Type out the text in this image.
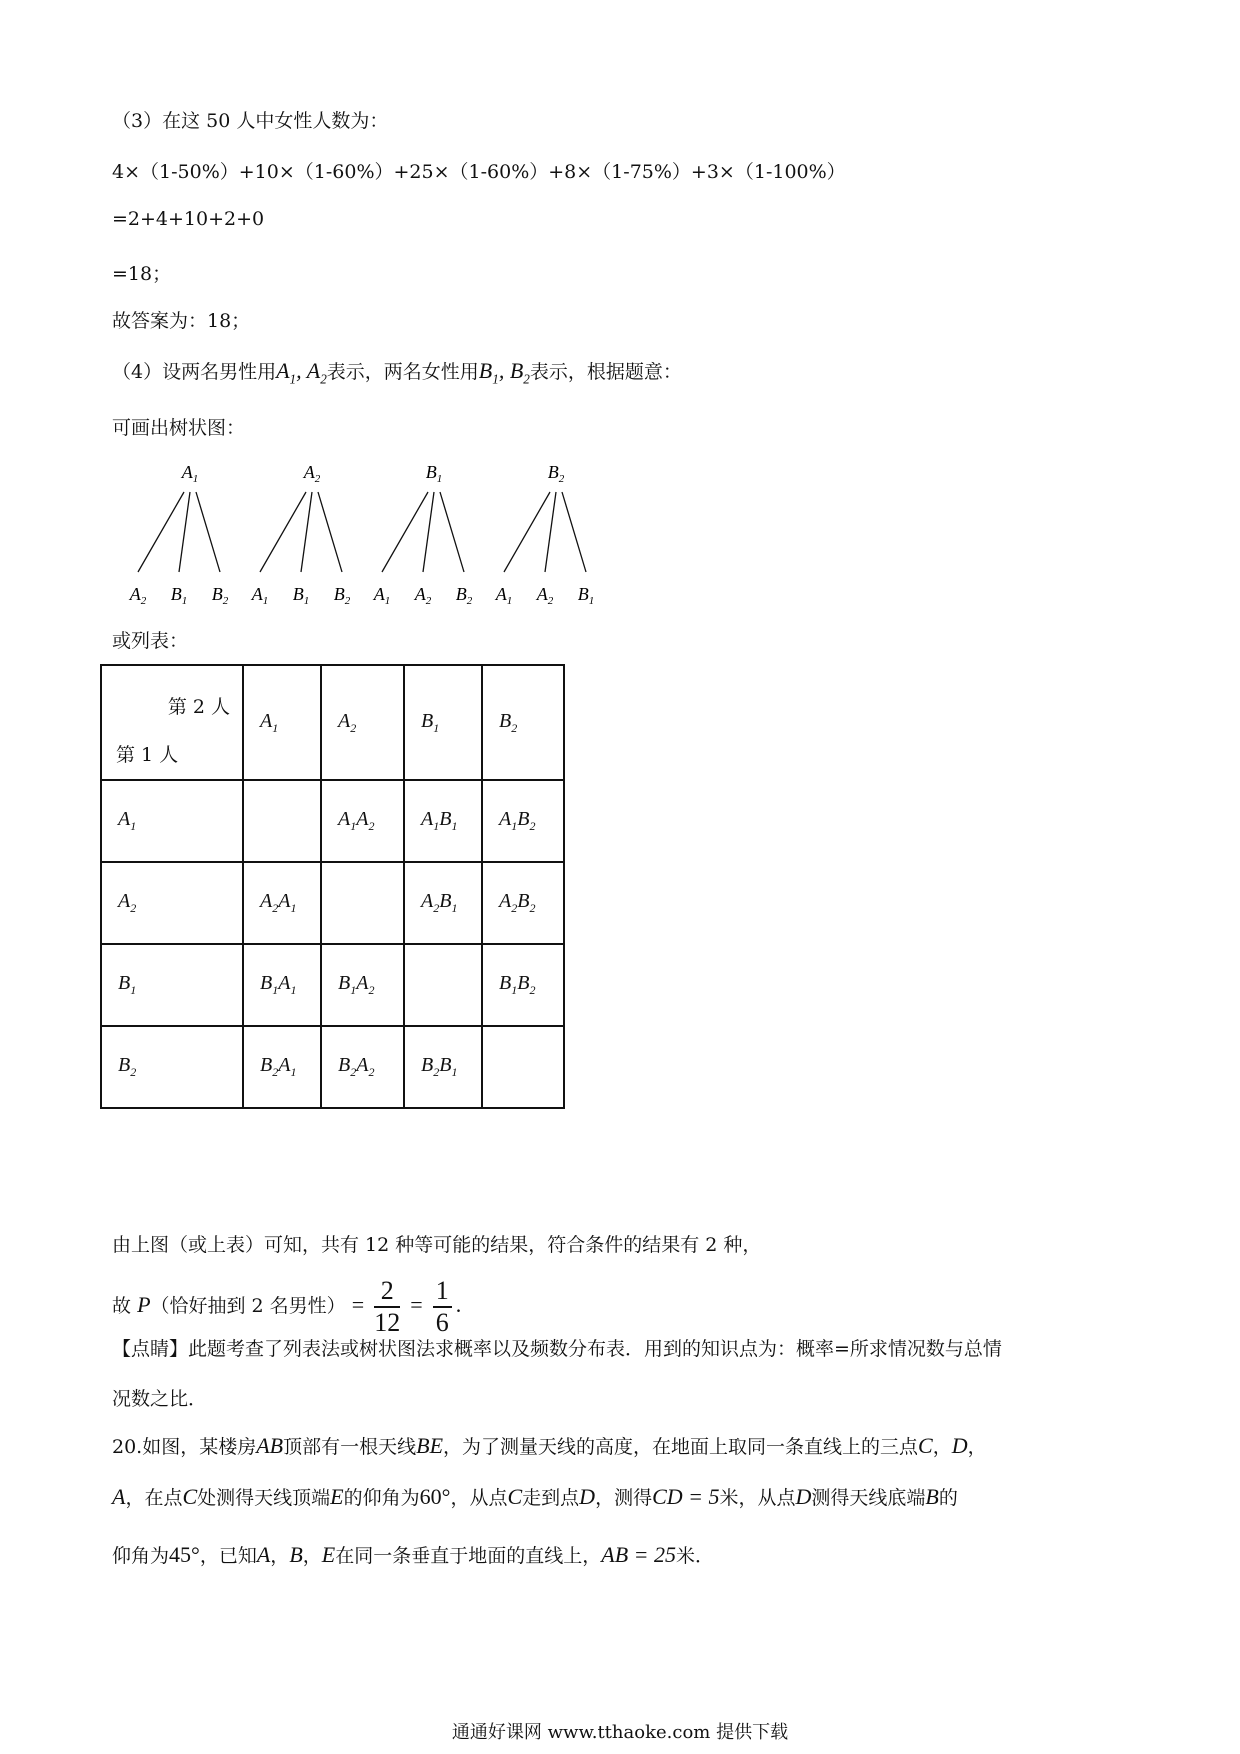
（3）在这 50 人中女性人数为：
4×（1-50%）+10×（1-60%）+25×（1-60%）+8×（1-75%）+3×（1-100%）
=2+4+10+2+0
=18；
故答案为：18；
（4）设两名男性用$A_1$, $A_2$表示，两名女性用$B_1$, $B_2$表示，根据题意：
可画出树状图：
$A_1$
$A_2$ $B_1$ $B_2$
$A_2$
$A_1$ $B_1$ $B_2$
$B_1$
$A_1$ $A_2$ $B_2$
$B_2$
$A_1$ $A_2$ $B_1$
或列表：
第 2 人
第 1 人	$A_1$	$A_2$	$B_1$	$B_2$
$A_1$		$A_1A_2$	$A_1B_1$	$A_1B_2$
$A_2$	$A_2A_1$		$A_2B_1$	$A_2B_2$
$B_1$	$B_1A_1$	$B_1A_2$		$B_1B_2$
$B_2$	$B_2A_1$	$B_2A_2$	$B_2B_1$	
由上图（或上表）可知，共有 12 种等可能的结果，符合条件的结果有 2 种，
故 P（恰好抽到 2 名男性） = $\frac{2}{12} = \frac{1}{6}$ .
【点睛】此题考查了列表法或树状图法求概率以及频数分布表．用到的知识点为：概率=所求情况数与总情
况数之比．
20.如图，某楼房AB顶部有一根天线BE，为了测量天线的高度，在地面上取同一条直线上的三点C，D，
A，在点C处测得天线顶端E的仰角为60°，从点C走到点D，测得CD = 5米，从点D测得天线底端B的
仰角为45°，已知A，B，E在同一条垂直于地面的直线上，AB = 25米．
通通好课网 www.tthaoke.com 提供下载
